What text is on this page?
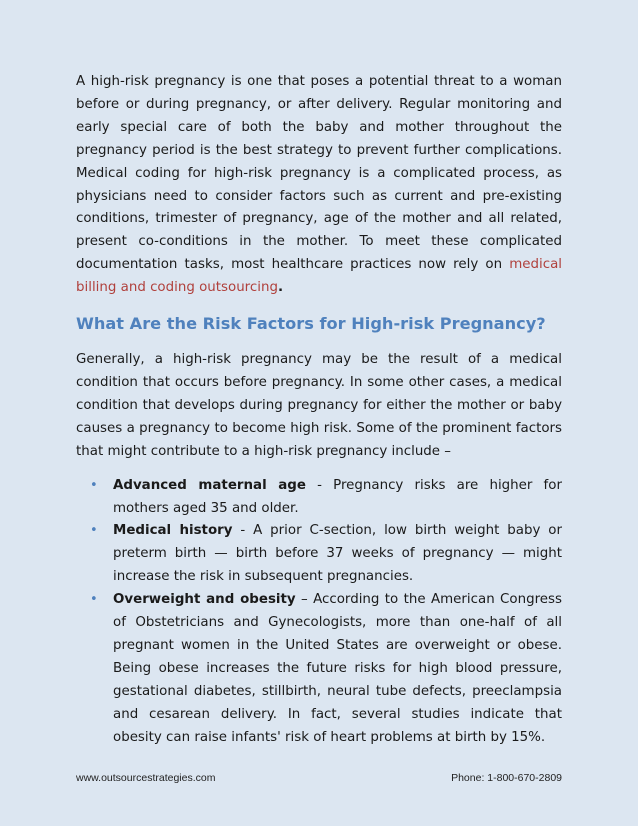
A high-risk pregnancy is one that poses a potential threat to a woman before or during pregnancy, or after delivery. Regular monitoring and early special care of both the baby and mother throughout the pregnancy period is the best strategy to prevent further complications. Medical coding for high-risk pregnancy is a complicated process, as physicians need to consider factors such as current and pre-existing conditions, trimester of pregnancy, age of the mother and all related, present co-conditions in the mother. To meet these complicated documentation tasks, most healthcare practices now rely on medical billing and coding outsourcing.

What Are the Risk Factors for High-risk Pregnancy?

Generally, a high-risk pregnancy may be the result of a medical condition that occurs before pregnancy. In some other cases, a medical condition that develops during pregnancy for either the mother or baby causes a pregnancy to become high risk. Some of the prominent factors that might contribute to a high-risk pregnancy include –

• Advanced maternal age - Pregnancy risks are higher for mothers aged 35 and older.
• Medical history - A prior C-section, low birth weight baby or preterm birth — birth before 37 weeks of pregnancy — might increase the risk in subsequent pregnancies.
• Overweight and obesity – According to the American Congress of Obstetricians and Gynecologists, more than one-half of all pregnant women in the United States are overweight or obese. Being obese increases the future risks for high blood pressure, gestational diabetes, stillbirth, neural tube defects, preeclampsia and cesarean delivery. In fact, several studies indicate that obesity can raise infants' risk of heart problems at birth by 15%.
www.outsourcestrategies.com	Phone: 1-800-670-2809
